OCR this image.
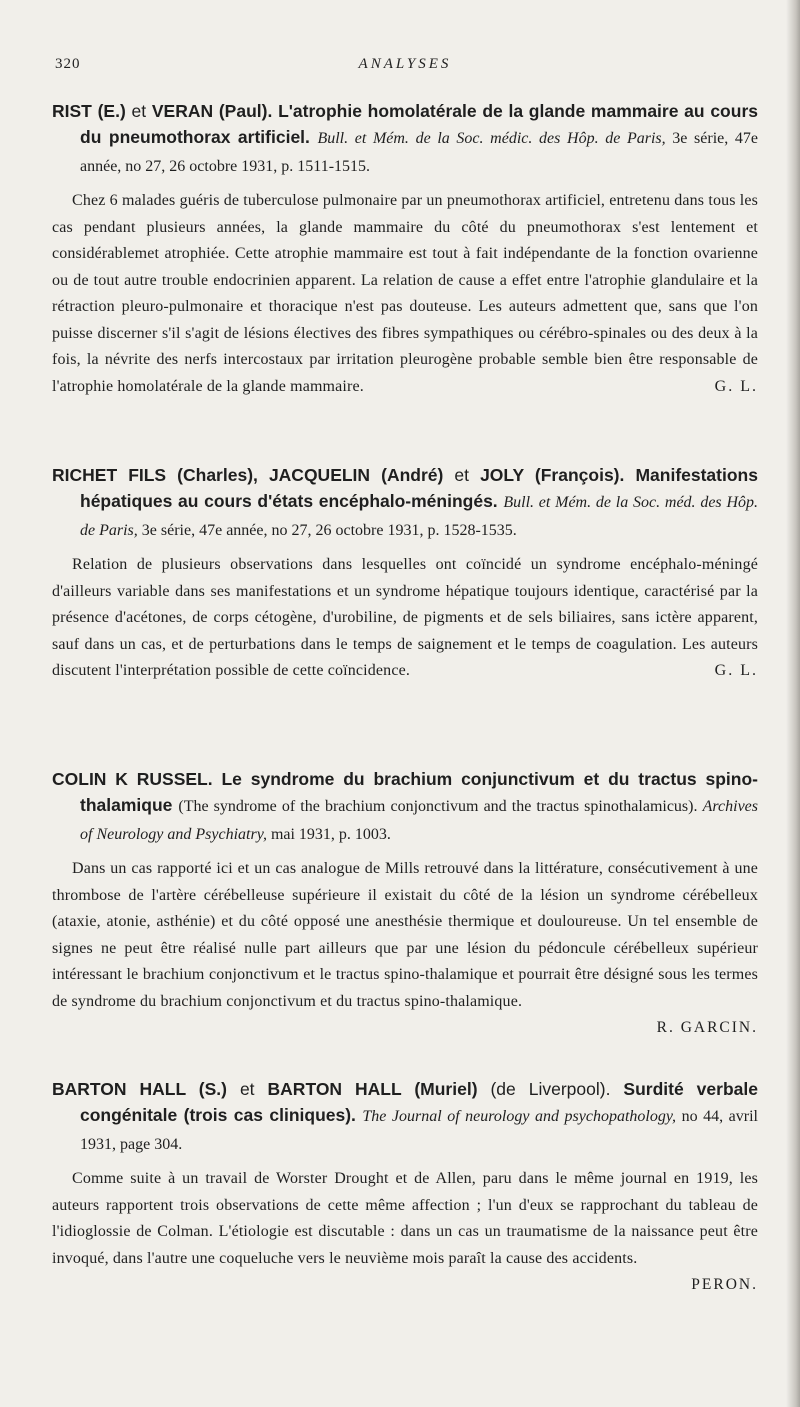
320	ANALYSES
RIST (E.) et VERAN (Paul). L'atrophie homolatérale de la glande mammaire au cours du pneumothorax artificiel. Bull. et Mém. de la Soc. médic. des Hôp. de Paris, 3e série, 47e année, no 27, 26 octobre 1931, p. 1511-1515.
Chez 6 malades guéris de tuberculose pulmonaire par un pneumothorax artificiel, entretenu dans tous les cas pendant plusieurs années, la glande mammaire du côté du pneumothorax s'est lentement et considérablemet atrophiée. Cette atrophie mammaire est tout à fait indépendante de la fonction ovarienne ou de tout autre trouble endocrinien apparent. La relation de cause a effet entre l'atrophie glandulaire et la rétraction pleuro-pulmonaire et thoracique n'est pas douteuse. Les auteurs admettent que, sans que l'on puisse discerner s'il s'agit de lésions électives des fibres sympathiques ou cérébro-spinales ou des deux à la fois, la névrite des nerfs intercostaux par irritation pleurogène probable semble bien être responsable de l'atrophie homolatérale de la glande mammaire.	G. L.
RICHET FILS (Charles), JACQUELIN (André) et JOLY (François). Manifestations hépatiques au cours d'états encéphalo-méningés. Bull. et Mém. de la Soc. méd. des Hôp. de Paris, 3e série, 47e année, no 27, 26 octobre 1931, p. 1528-1535.
Relation de plusieurs observations dans lesquelles ont coïncidé un syndrome encéphalo-méningé d'ailleurs variable dans ses manifestations et un syndrome hépatique toujours identique, caractérisé par la présence d'acétones, de corps cétogène, d'urobiline, de pigments et de sels biliaires, sans ictère apparent, sauf dans un cas, et de perturbations dans le temps de saignement et le temps de coagulation. Les auteurs discutent l'interprétation possible de cette coïncidence.	G. L.
COLIN K RUSSEL. Le syndrome du brachium conjunctivum et du tractus spino-thalamique (The syndrome of the brachium conjonctivum and the tractus spinothalamicus). Archives of Neurology and Psychiatry, mai 1931, p. 1003.
Dans un cas rapporté ici et un cas analogue de Mills retrouvé dans la littérature, consécutivement à une thrombose de l'artère cérébelleuse supérieure il existait du côté de la lésion un syndrome cérébelleux (ataxie, atonie, asthénie) et du côté opposé une anesthésie thermique et douloureuse. Un tel ensemble de signes ne peut être réalisé nulle part ailleurs que par une lésion du pédoncule cérébelleux supérieur intéressant le brachium conjonctivum et le tractus spino-thalamique et pourrait être désigné sous les termes de syndrome du brachium conjonctivum et du tractus spino-thalamique.
R. GARCIN.
BARTON HALL (S.) et BARTON HALL (Muriel) (de Liverpool). Surdité verbale congénitale (trois cas cliniques). The Journal of neurology and psychopathology, no 44, avril 1931, page 304.
Comme suite à un travail de Worster Drought et de Allen, paru dans le même journal en 1919, les auteurs rapportent trois observations de cette même affection ; l'un d'eux se rapprochant du tableau de l'idioglossie de Colman. L'étiologie est discutable : dans un cas un traumatisme de la naissance peut être invoqué, dans l'autre une coqueluche vers le neuvième mois paraît la cause des accidents.
PERON.
